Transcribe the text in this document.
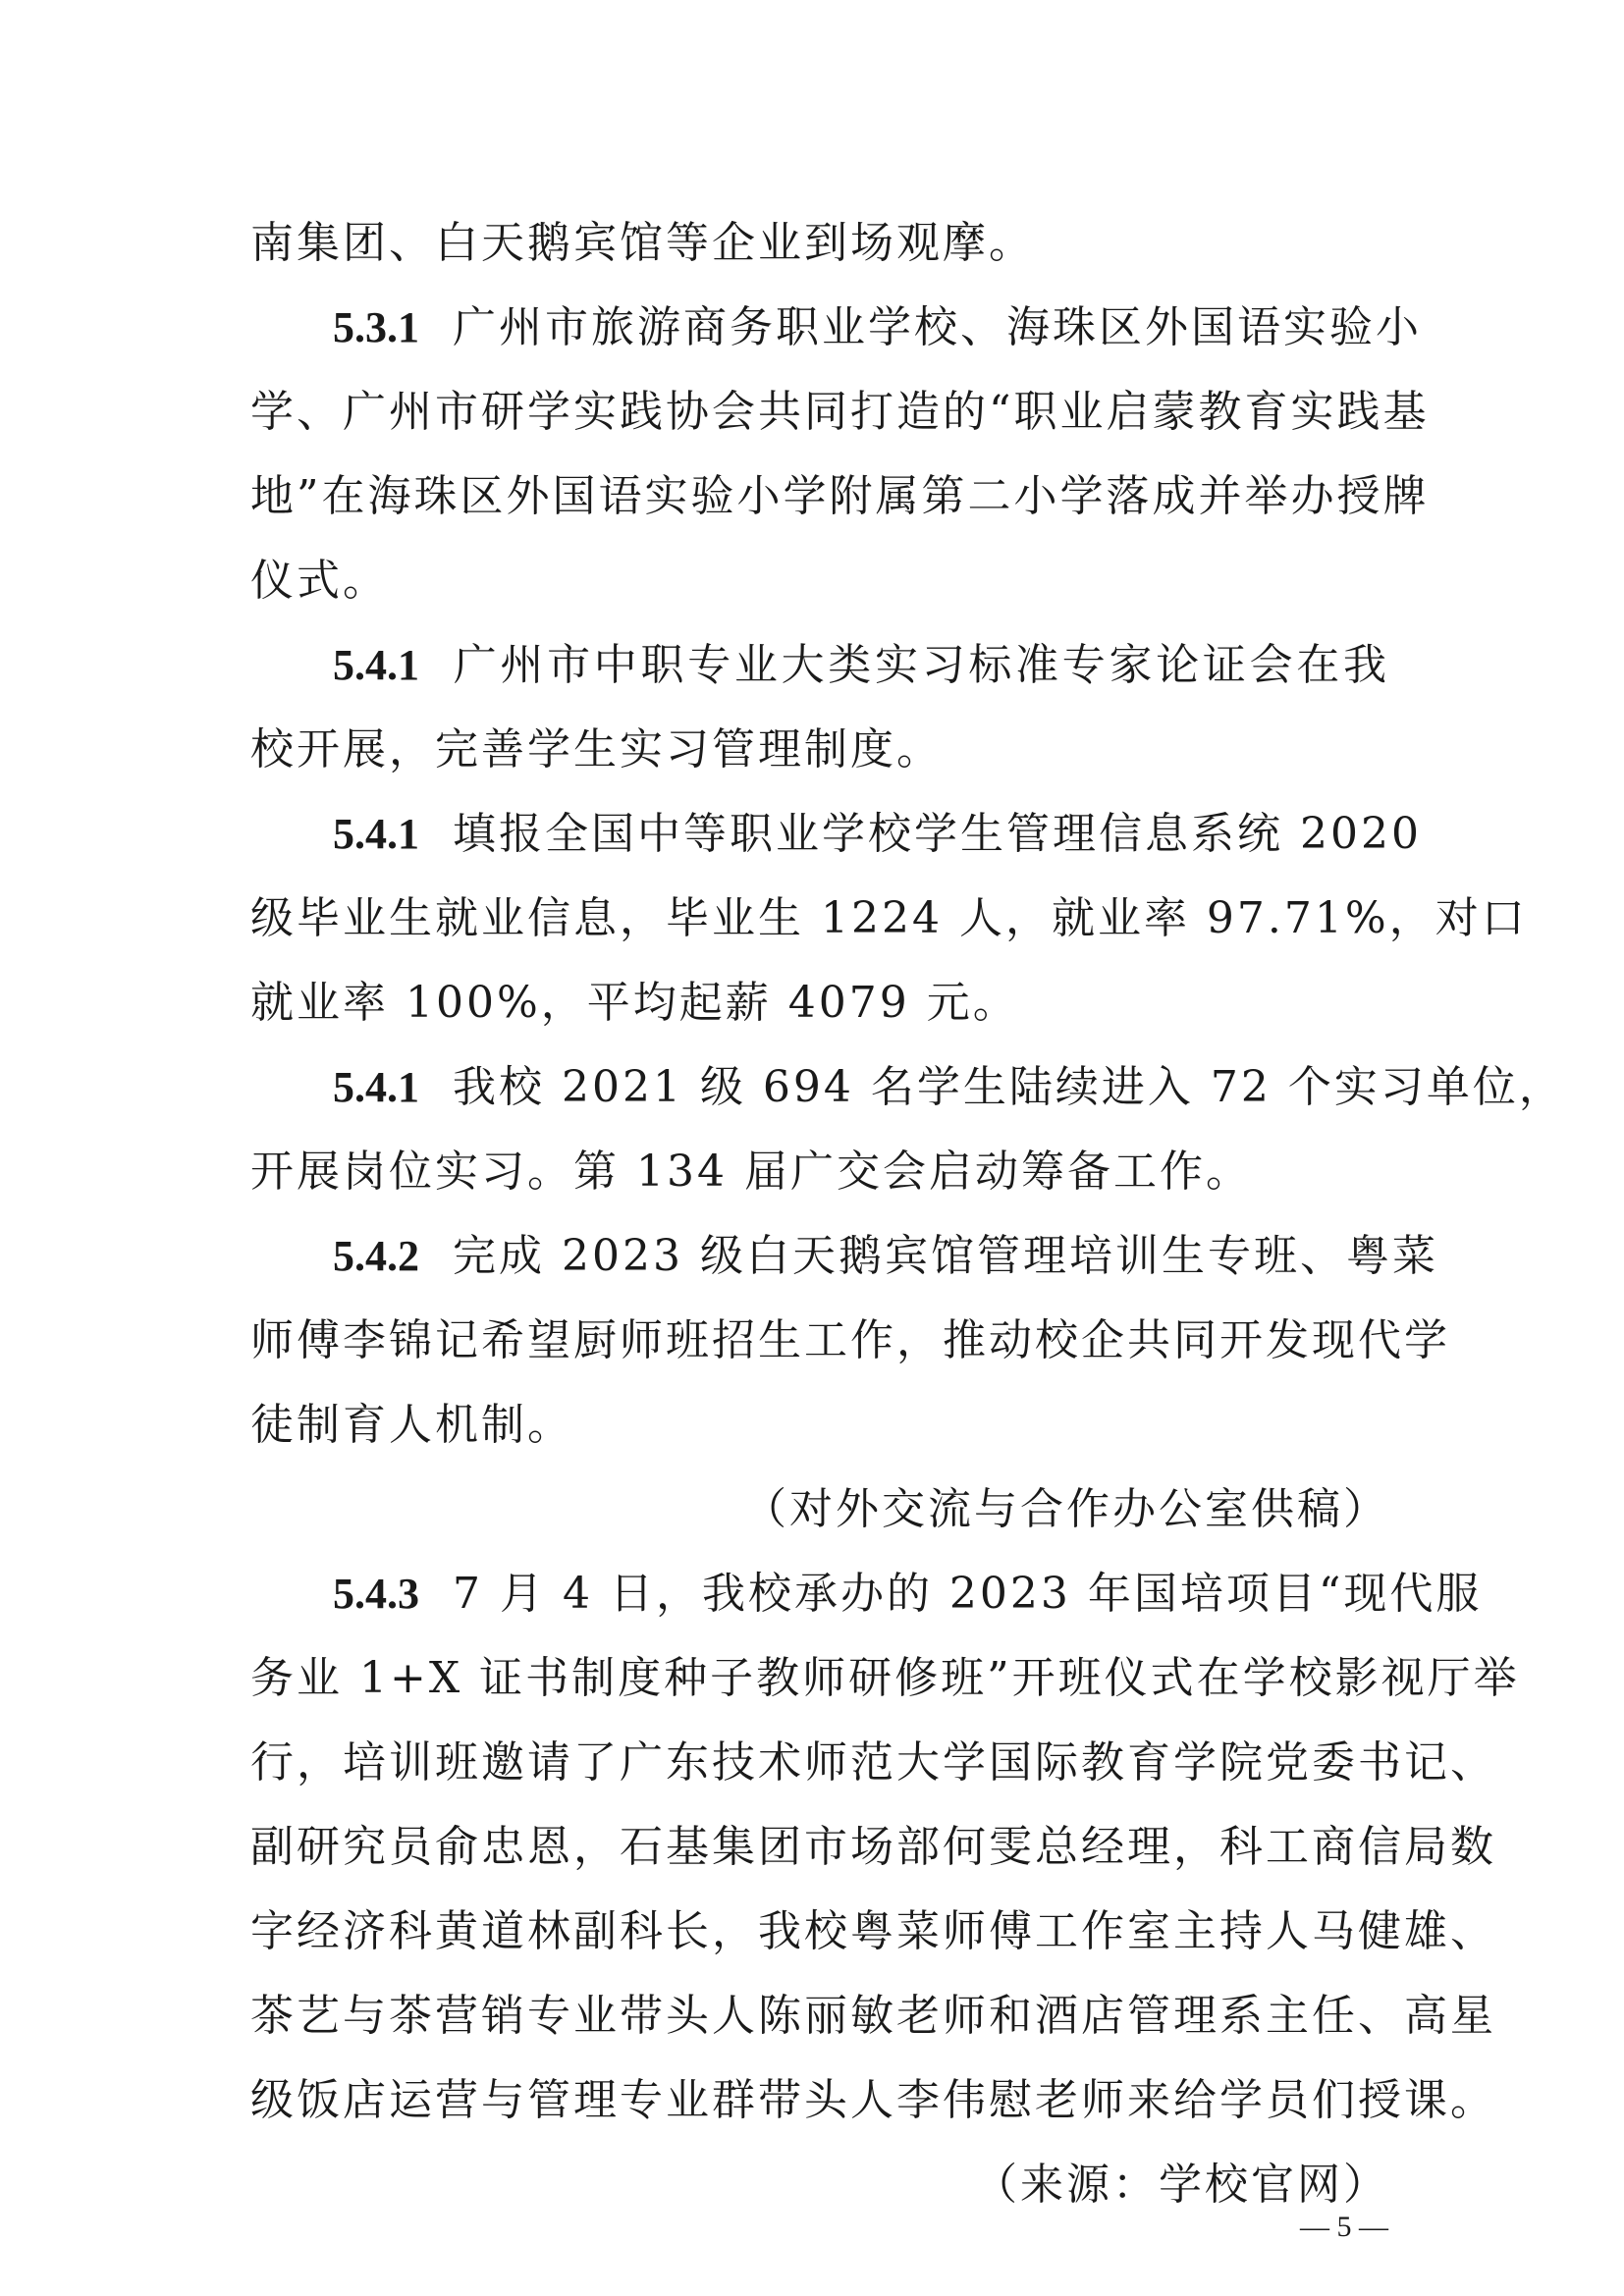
南集团、白天鹅宾馆等企业到场观摩。
5.3.1 广州市旅游商务职业学校、海珠区外国语实验小
学、广州市研学实践协会共同打造的“职业启蒙教育实践基
地”在海珠区外国语实验小学附属第二小学落成并举办授牌
仪式。
5.4.1 广州市中职专业大类实习标准专家论证会在我
校开展，完善学生实习管理制度。
5.4.1 填报全国中等职业学校学生管理信息系统 2020
级毕业生就业信息，毕业生 1224 人，就业率 97.71%，对口
就业率 100%，平均起薪 4079 元。
5.4.1 我校 2021 级 694 名学生陆续进入 72 个实习单位，
开展岗位实习。第 134 届广交会启动筹备工作。
5.4.2 完成 2023 级白天鹅宾馆管理培训生专班、粤菜
师傅李锦记希望厨师班招生工作，推动校企共同开发现代学
徒制育人机制。
（对外交流与合作办公室供稿）
5.4.3 7 月 4 日，我校承办的 2023 年国培项目“现代服
务业 1+X 证书制度种子教师研修班”开班仪式在学校影视厅举
行，培训班邀请了广东技术师范大学国际教育学院党委书记、
副研究员俞忠恩，石基集团市场部何雯总经理，科工商信局数
字经济科黄道林副科长，我校粤菜师傅工作室主持人马健雄、
茶艺与茶营销专业带头人陈丽敏老师和酒店管理系主任、高星
级饭店运营与管理专业群带头人李伟慰老师来给学员们授课。
（来源：学校官网）
— 5 —
